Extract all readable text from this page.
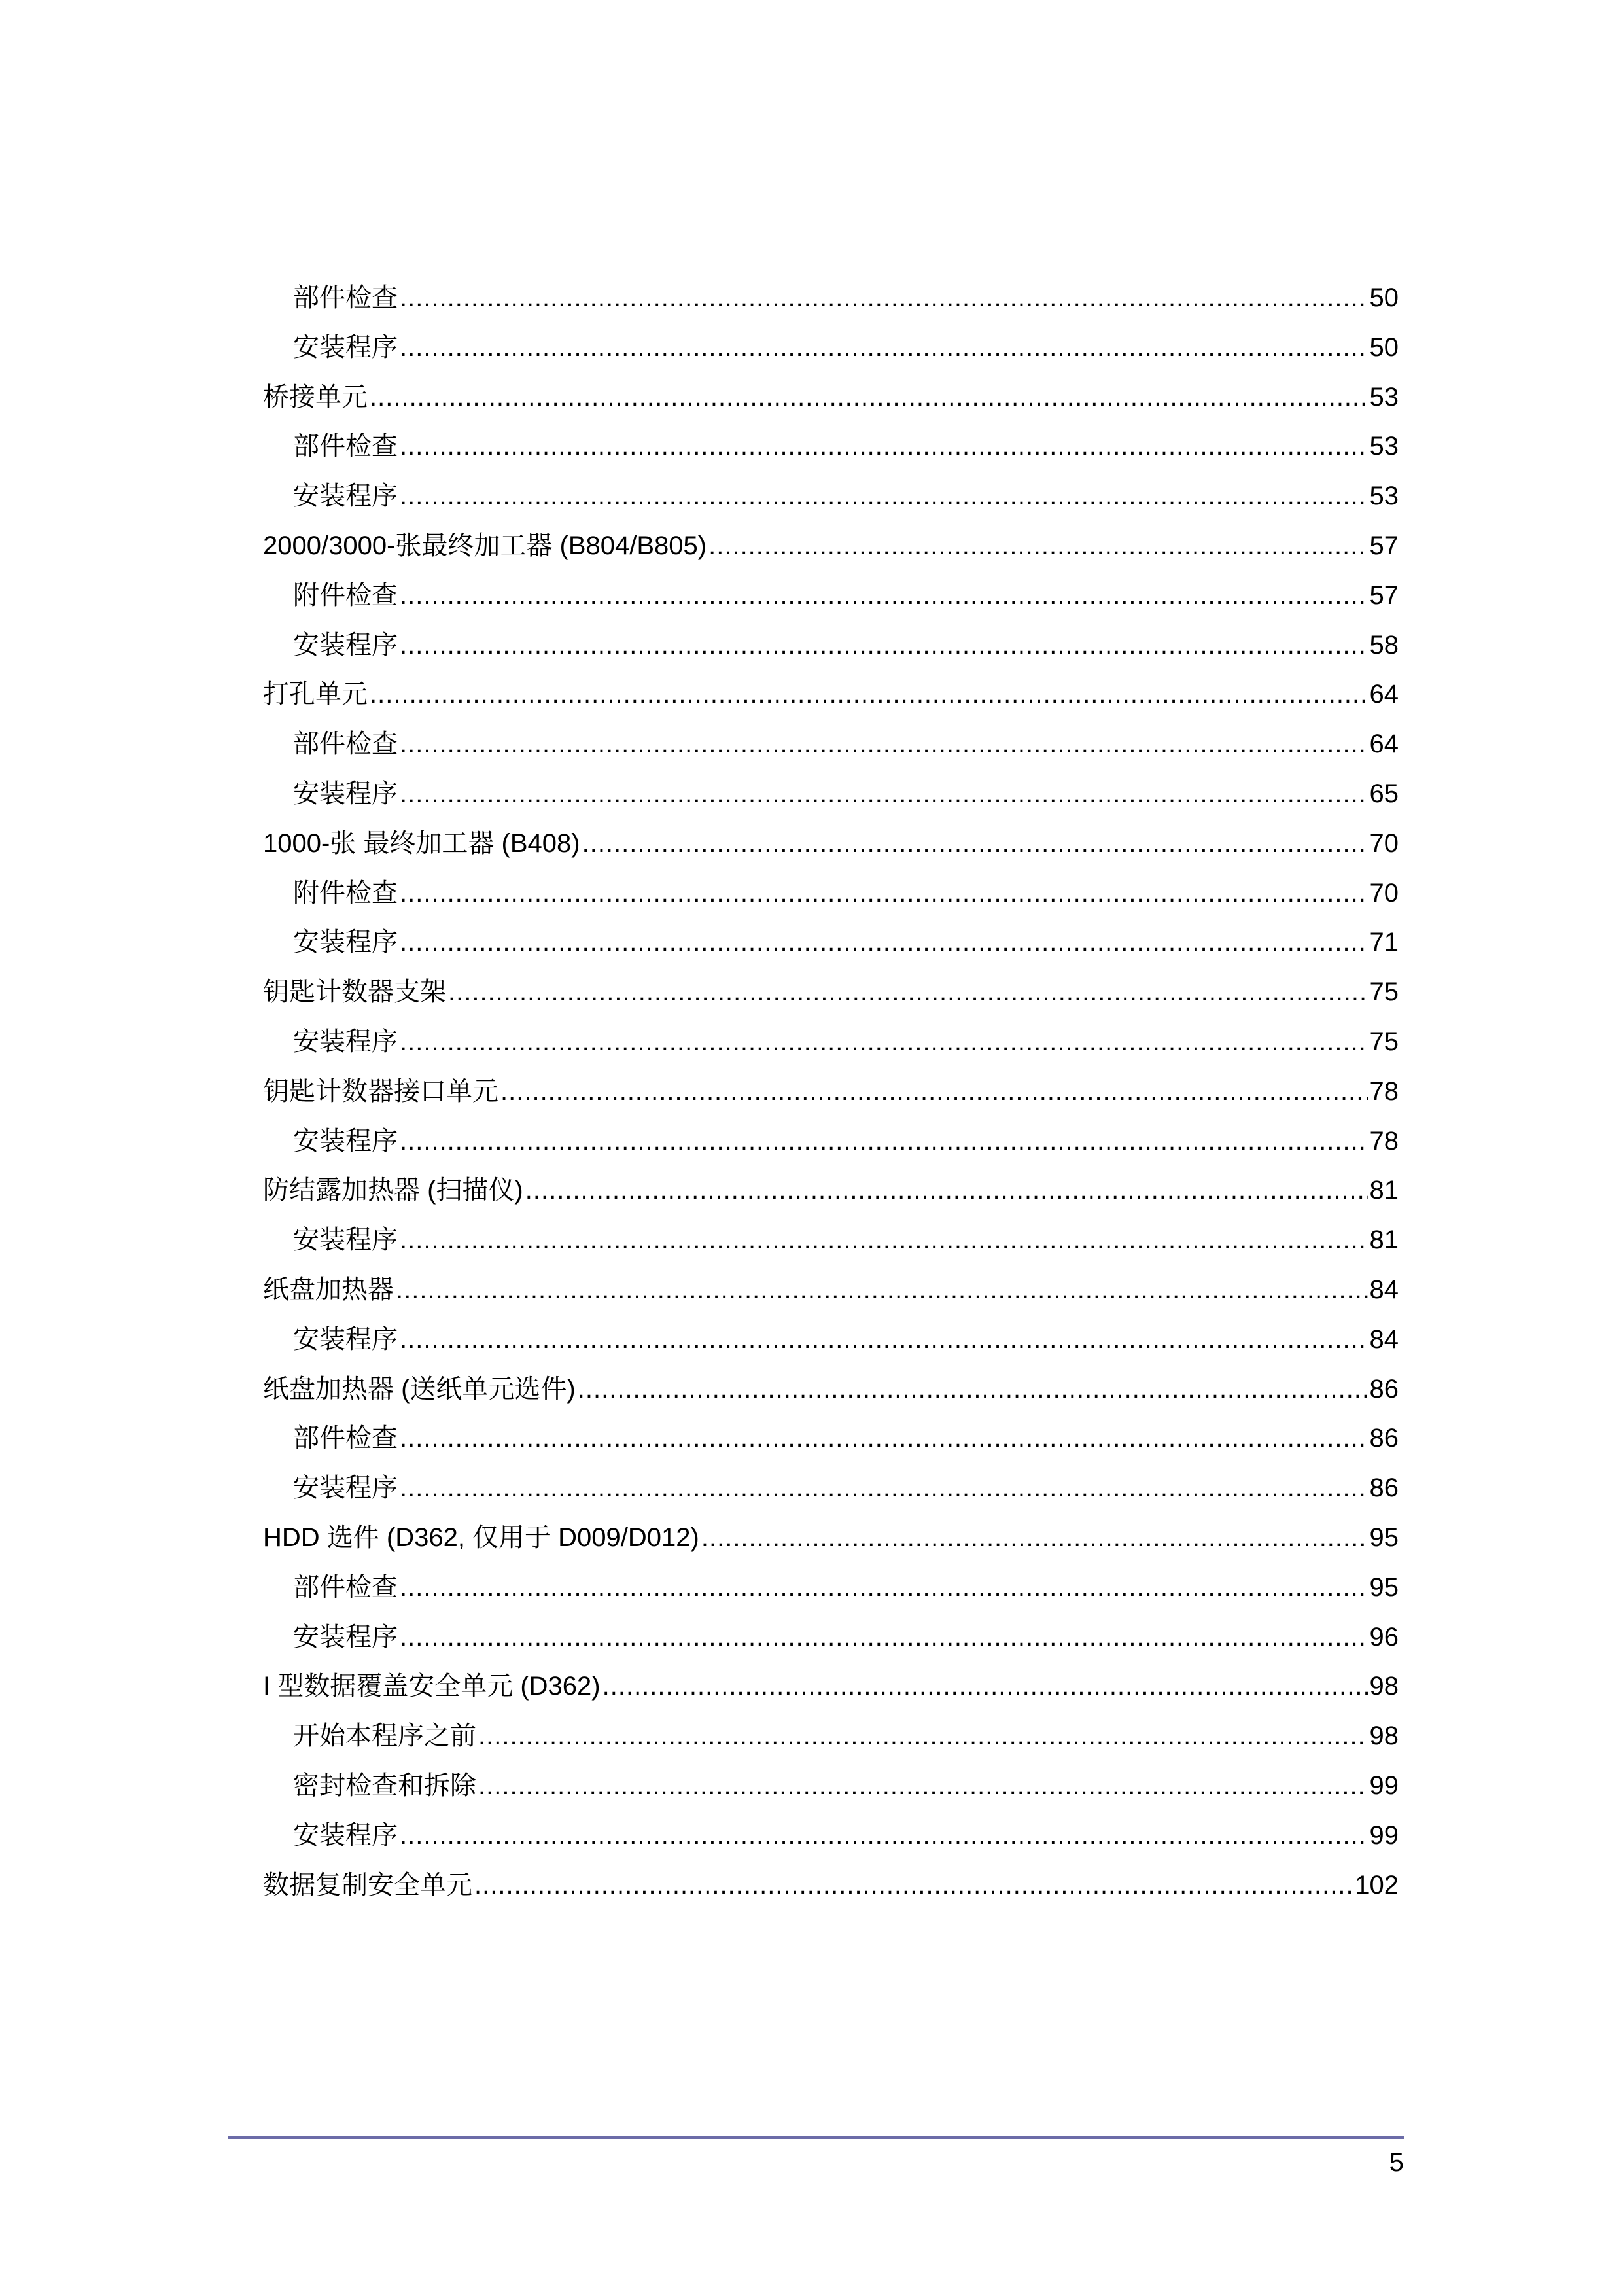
部件检查 .....	50
安装程序 .....	50
桥接单元 .....	53
部件检查 .....	53
安装程序 .....	53
2000/3000-张最终加工器 (B804/B805) .....	57
附件检查 .....	57
安装程序 .....	58
打孔单元 .....	64
部件检查 .....	64
安装程序 .....	65
1000-张 最终加工器 (B408) .....	70
附件检查 .....	70
安装程序 .....	71
钥匙计数器支架 .....	75
安装程序 .....	75
钥匙计数器接口单元 .....	78
安装程序 .....	78
防结露加热器 (扫描仪) .....	81
安装程序 .....	81
纸盘加热器 .....	84
安装程序 .....	84
纸盘加热器 (送纸单元选件) .....	86
部件检查 .....	86
安装程序 .....	86
HDD 选件 (D362, 仅用于 D009/D012) .....	95
部件检查 .....	95
安装程序 .....	96
I 型数据覆盖安全单元 (D362) .....	98
开始本程序之前 .....	98
密封检查和拆除 .....	99
安装程序 .....	99
数据复制安全单元 .....	102
5
